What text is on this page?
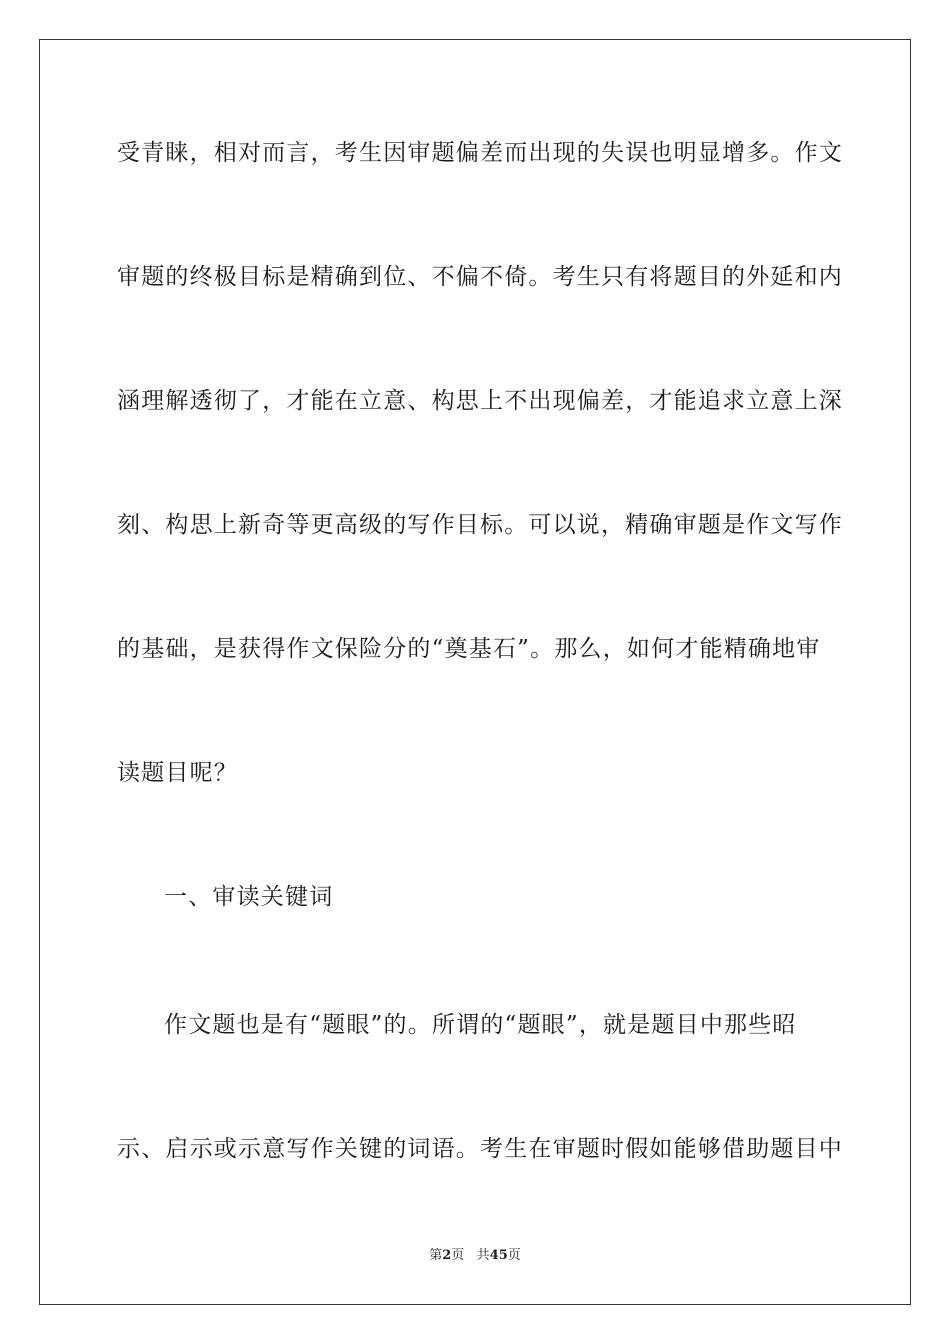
受青睐，相对而言，考生因审题偏差而出现的失误也明显增多。作文
审题的终极目标是精确到位、不偏不倚。考生只有将题目的外延和内
涵理解透彻了，才能在立意、构思上不出现偏差，才能追求立意上深
刻、构思上新奇等更高级的写作目标。可以说，精确审题是作文写作
的基础，是获得作文保险分的“奠基石”。那么，如何才能精确地审
读题目呢？
一、审读关键词
作文题也是有“题眼”的。所谓的“题眼”，就是题目中那些昭
示、启示或示意写作关键的词语。考生在审题时假如能够借助题目中
第2页 共45页
